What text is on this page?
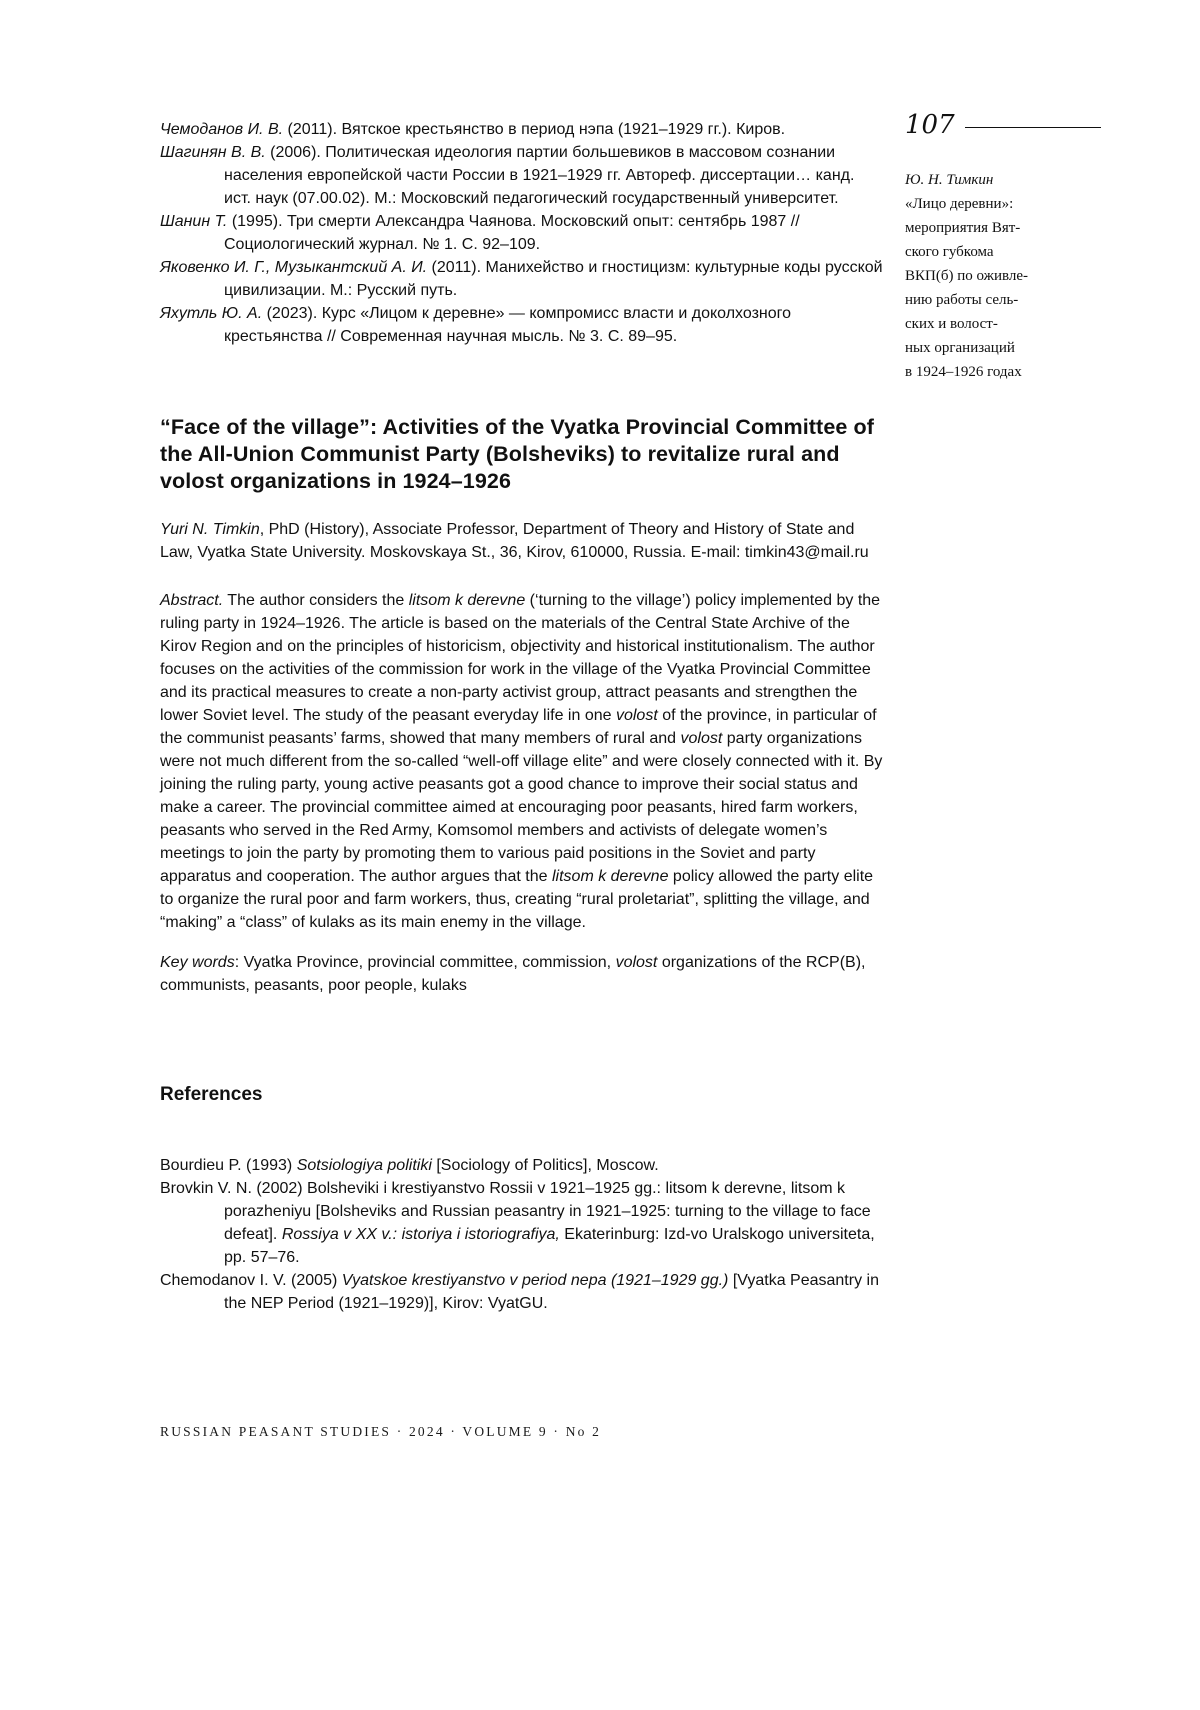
Чемоданов И. В. (2011). Вятское крестьянство в период нэпа (1921–1929 гг.). Киров.

Шагинян В. В. (2006). Политическая идеология партии большевиков в массовом сознании населения европейской части России в 1921–1929 гг. Автореф. диссертации… канд. ист. наук (07.00.02). М.: Московский педагогический государственный университет.

Шанин Т. (1995). Три смерти Александра Чаянова. Московский опыт: сентябрь 1987 // Социологический журнал. № 1. С. 92–109.

Яковенко И. Г., Музыкантский А. И. (2011). Манихейство и гностицизм: культурные коды русской цивилизации. М.: Русский путь.

Яхутль Ю. А. (2023). Курс «Лицом к деревне» — компромисс власти и доколхозного крестьянства // Современная научная мысль. № 3. С. 89–95.

“Face of the village”: Activities of the Vyatka Provincial Committee of the All-Union Communist Party (Bolsheviks) to revitalize rural and volost organizations in 1924–1926

Yuri N. Timkin, PhD (History), Associate Professor, Department of Theory and History of State and Law, Vyatka State University. Moskovskaya St., 36, Kirov, 610000, Russia. E-mail: timkin43@mail.ru

Abstract. The author considers the litsom k derevne (‘turning to the village’) policy implemented by the ruling party in 1924–1926. The article is based on the materials of the Central State Archive of the Kirov Region and on the principles of historicism, objectivity and historical institutionalism. The author focuses on the activities of the commission for work in the village of the Vyatka Provincial Committee and its practical measures to create a non-party activist group, attract peasants and strengthen the lower Soviet level. The study of the peasant everyday life in one volost of the province, in particular of the communist peasants’ farms, showed that many members of rural and volost party organizations were not much different from the so-called “well-off village elite” and were closely connected with it. By joining the ruling party, young active peasants got a good chance to improve their social status and make a career. The provincial committee aimed at encouraging poor peasants, hired farm workers, peasants who served in the Red Army, Komsomol members and activists of delegate women’s meetings to join the party by promoting them to various paid positions in the Soviet and party apparatus and cooperation. The author argues that the litsom k derevne policy allowed the party elite to organize the rural poor and farm workers, thus, creating “rural proletariat”, splitting the village, and “making” a “class” of kulaks as its main enemy in the village.

Key words: Vyatka Province, provincial committee, commission, volost organizations of the RCP(B), communists, peasants, poor people, kulaks

References

Bourdieu P. (1993) Sotsiologiya politiki [Sociology of Politics], Moscow.

Brovkin V. N. (2002) Bolsheviki i krestiyanstvo Rossii v 1921–1925 gg.: litsom k derevne, litsom k porazheniyu [Bolsheviks and Russian peasantry in 1921–1925: turning to the village to face defeat]. Rossiya v XX v.: istoriya i istoriografiya, Ekaterinburg: Izd-vo Uralskogo universiteta, pp. 57–76.

Chemodanov I. V. (2005) Vyatskoe krestiyanstvo v period nepa (1921–1929 gg.) [Vyatka Peasantry in the NEP Period (1921–1929)], Kirov: VyatGU.

107
Ю. Н. Тимкин
«Лицо деревни»:
мероприятия Вят-
ского губкома
ВКП(б) по оживле-
нию работы сель-
ских и волост-
ных организаций
в 1924–1926 годах
RUSSIAN PEASANT STUDIES · 2024 · VOLUME 9 · No 2
